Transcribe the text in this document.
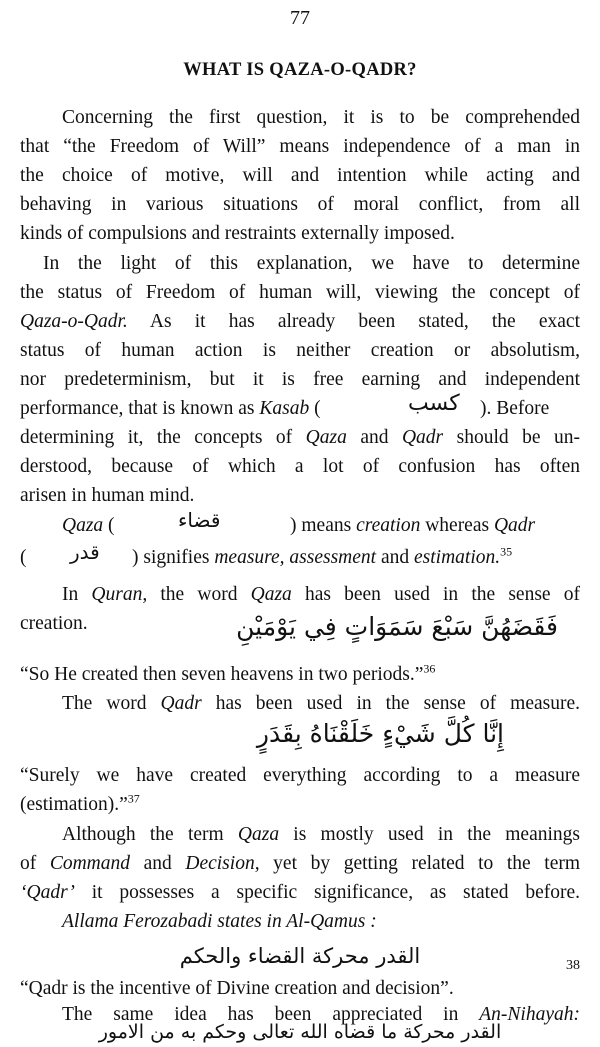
77
WHAT IS QAZA-O-QADR?
Concerning the first question, it is to be comprehended
that “the Freedom of Will” means independence of a man in
the choice of motive, will and intention while acting and
behaving in various situations of moral conflict, from all
kinds of compulsions and restraints externally imposed.
In the light of this explanation, we have to determine
the status of Freedom of human will, viewing the concept of
Qaza-o-Qadr. As it has already been stated, the exact
status of human action is neither creation or absolutism,
nor predeterminism, but it is free earning and independent
performance, that is known as Kasab (	كسب ). Before
determining it, the concepts of Qaza and Qadr should be un-
derstood, because of which a lot of confusion has often
arisen in human mind.
Qaza (	قضاء	) means creation whereas Qadr
( قدر ) signifies measure, assessment and estimation.$^{35}$
In Quran, the word Qaza has been used in the sense of
creation.	فَقَضَهُنَّ سَبْعَ سَمَوَاتٍ فِي يَوْمَيْنِ
“So He created then seven heavens in two periods.”$^{36}$
The word Qadr has been used in the sense of measure.
إِنَّا كُلَّ شَيْءٍ خَلَقْنَاهُ بِقَدَرٍ
“Surely we have created everything according to a measure
(estimation).”$^{37}$
Although the term Qaza is mostly used in the meanings
of Command and Decision, yet by getting related to the term
‘Qadr’ it possesses a specific significance, as stated before.
Allama Ferozabadi states in Al-Qamus :
القدر محركة القضاء والحكم	38
“Qadr is the incentive of Divine creation and decision”.
The same idea has been appreciated in An-Nihayah:
القدر محركة ما قضاه الله تعالى وحكم به من الامور
